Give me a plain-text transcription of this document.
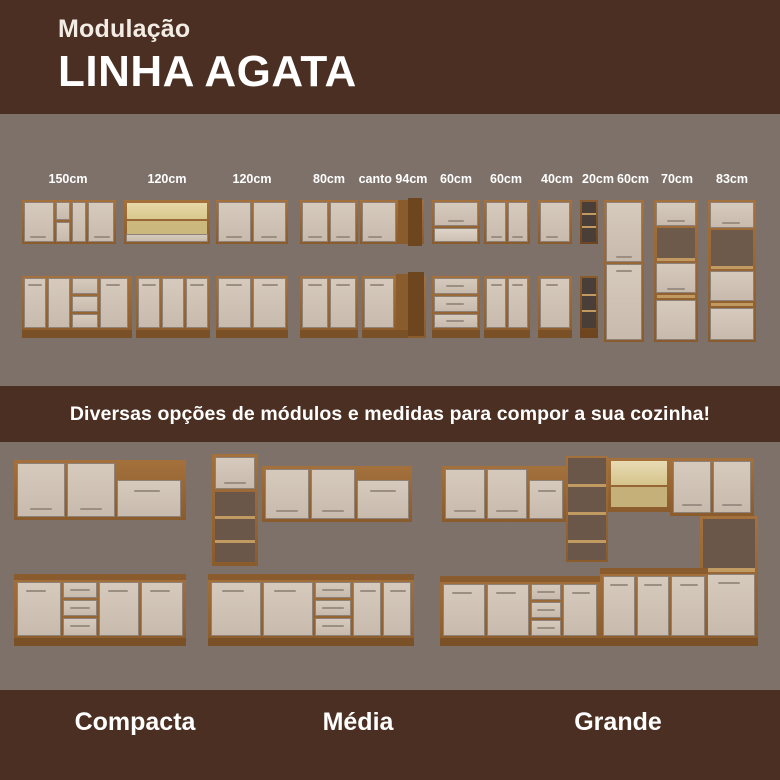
Modulação
LINHA AGATA
150cm	120cm	120cm	80cm	canto 94cm	60cm	60cm	40cm 20cm 60cm 70cm	83cm
Diversas opções de módulos e medidas para compor a sua cozinha!
Compacta	Média	Grande
